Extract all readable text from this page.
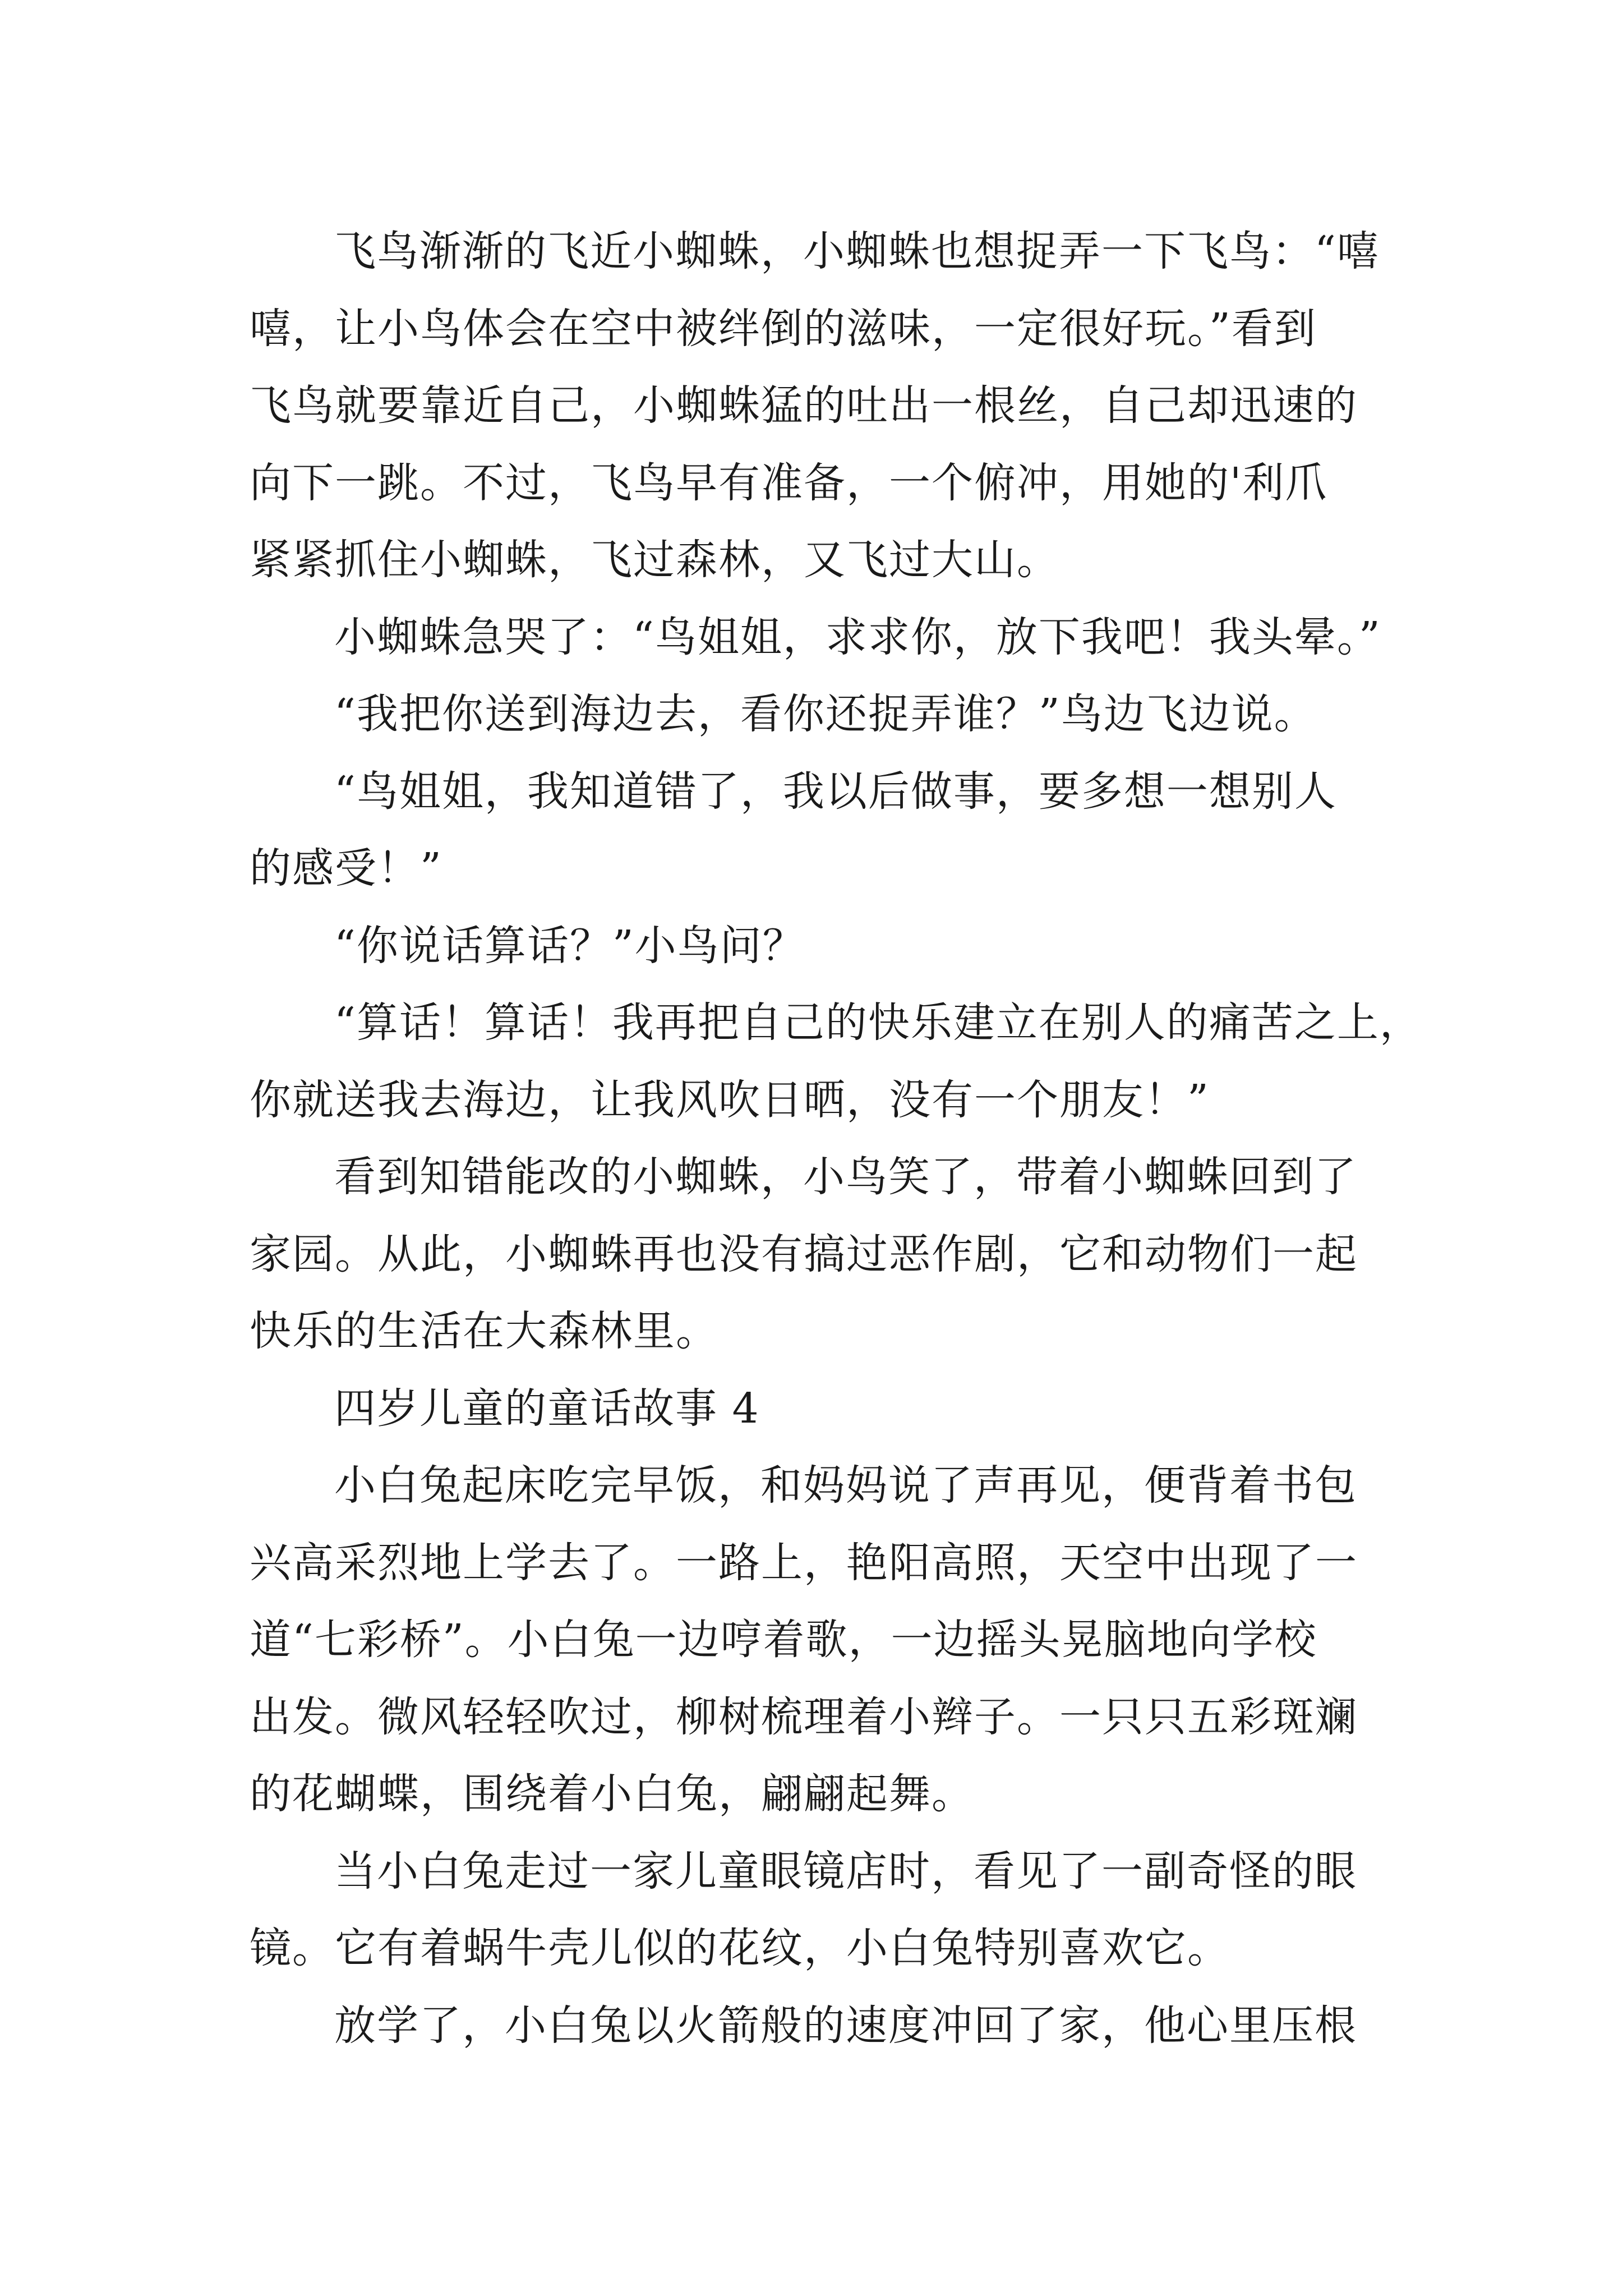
飞鸟渐渐的飞近小蜘蛛，小蜘蛛也想捉弄一下飞鸟：“嘻
嘻，让小鸟体会在空中被绊倒的滋味，一定很好玩。”看到
飞鸟就要靠近自己，小蜘蛛猛的吐出一根丝，自己却迅速的
向下一跳。不过，飞鸟早有准备，一个俯冲，用她的'利爪
紧紧抓住小蜘蛛，飞过森林，又飞过大山。
小蜘蛛急哭了：“鸟姐姐，求求你，放下我吧！我头晕。”
“我把你送到海边去，看你还捉弄谁？”鸟边飞边说。
“鸟姐姐，我知道错了，我以后做事，要多想一想别人
的感受！”
“你说话算话？”小鸟问？
“算话！算话！我再把自己的快乐建立在别人的痛苦之上，
你就送我去海边，让我风吹日晒，没有一个朋友！”
看到知错能改的小蜘蛛，小鸟笑了，带着小蜘蛛回到了
家园。从此，小蜘蛛再也没有搞过恶作剧，它和动物们一起
快乐的生活在大森林里。
四岁儿童的童话故事 4
小白兔起床吃完早饭，和妈妈说了声再见，便背着书包
兴高采烈地上学去了。一路上，艳阳高照，天空中出现了一
道“七彩桥”。小白兔一边哼着歌，一边摇头晃脑地向学校
出发。微风轻轻吹过，柳树梳理着小辫子。一只只五彩斑斓
的花蝴蝶，围绕着小白兔，翩翩起舞。
当小白兔走过一家儿童眼镜店时，看见了一副奇怪的眼
镜。它有着蜗牛壳儿似的花纹，小白兔特别喜欢它。
放学了，小白兔以火箭般的速度冲回了家，他心里压根
